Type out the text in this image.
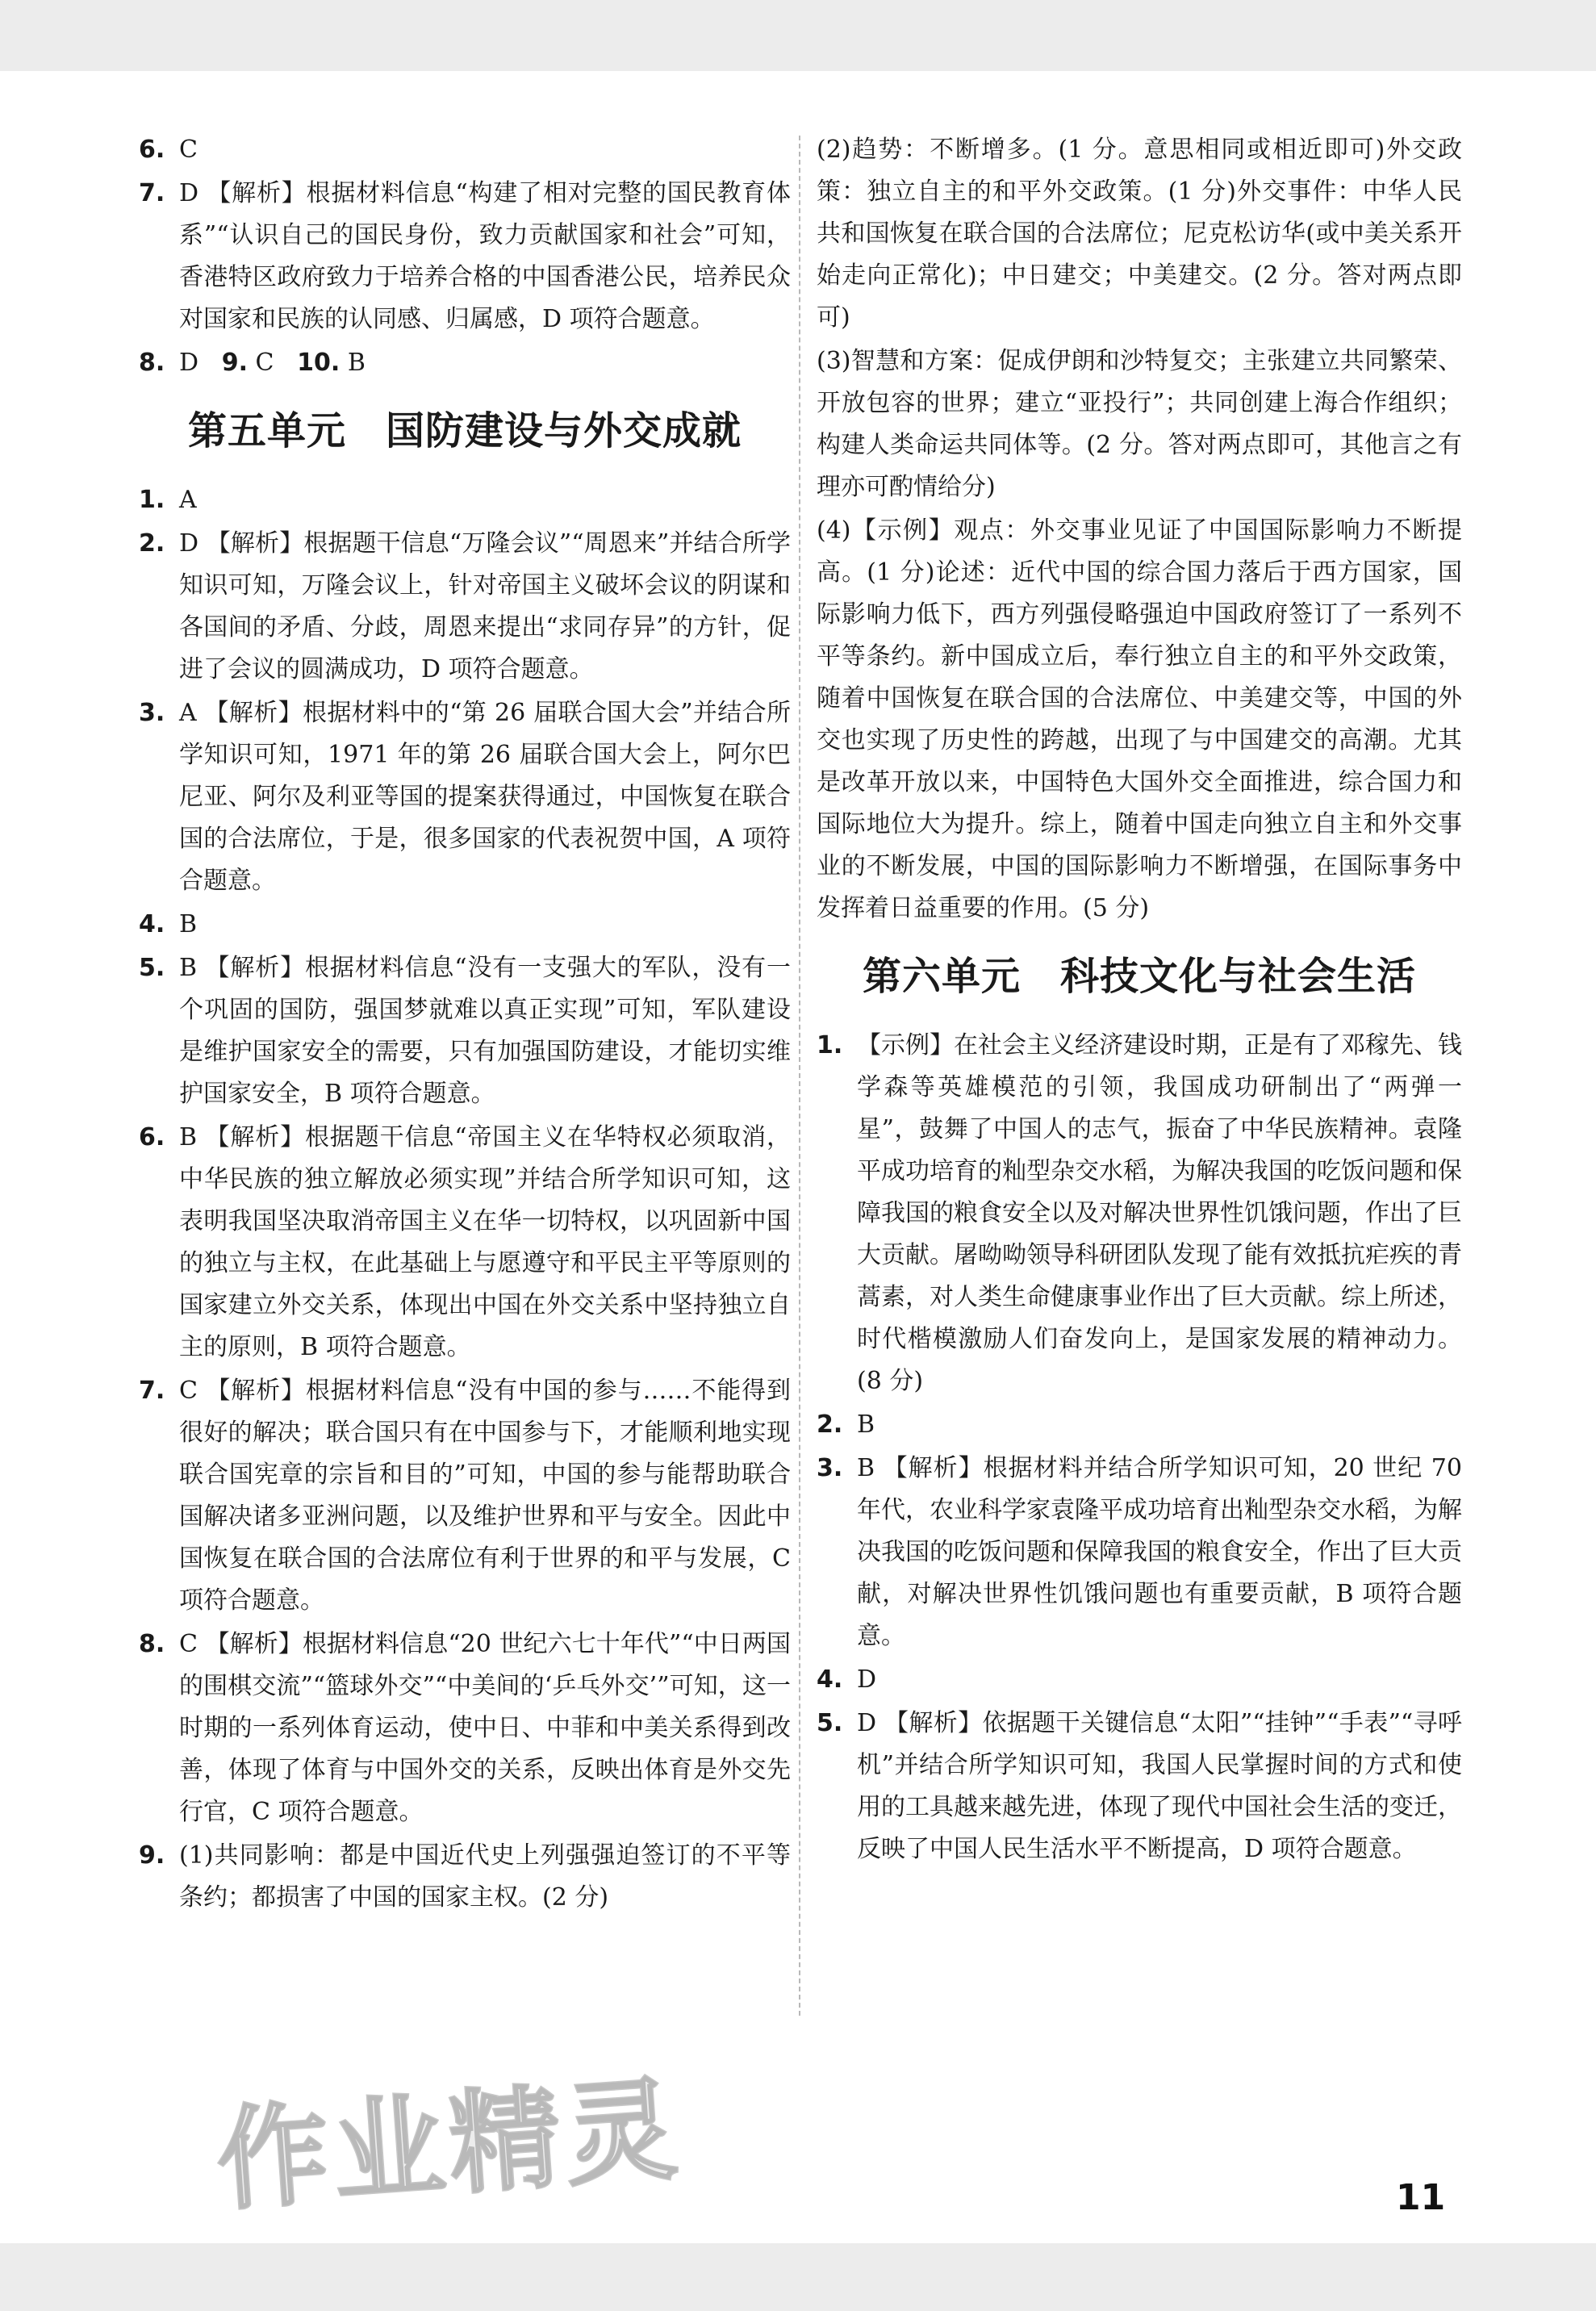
6. C
7. D 【解析】根据材料信息“构建了相对完整的国民教育体系”“认识自己的国民身份，致力贡献国家和社会”可知，香港特区政府致力于培养合格的中国香港公民，培养民众对国家和民族的认同感、归属感，D 项符合题意。
8. D 9. C 10. B
第五单元　国防建设与外交成就
1. A
2. D 【解析】根据题干信息“万隆会议”“周恩来”并结合所学知识可知，万隆会议上，针对帝国主义破坏会议的阴谋和各国间的矛盾、分歧，周恩来提出“求同存异”的方针，促进了会议的圆满成功，D 项符合题意。
3. A 【解析】根据材料中的“第 26 届联合国大会”并结合所学知识可知，1971 年的第 26 届联合国大会上，阿尔巴尼亚、阿尔及利亚等国的提案获得通过，中国恢复在联合国的合法席位，于是，很多国家的代表祝贺中国，A 项符合题意。
4. B
5. B 【解析】根据材料信息“没有一支强大的军队，没有一个巩固的国防，强国梦就难以真正实现”可知，军队建设是维护国家安全的需要，只有加强国防建设，才能切实维护国家安全，B 项符合题意。
6. B 【解析】根据题干信息“帝国主义在华特权必须取消，中华民族的独立解放必须实现”并结合所学知识可知，这表明我国坚决取消帝国主义在华一切特权，以巩固新中国的独立与主权，在此基础上与愿遵守和平民主平等原则的国家建立外交关系，体现出中国在外交关系中坚持独立自主的原则，B 项符合题意。
7. C 【解析】根据材料信息“没有中国的参与……不能得到很好的解决；联合国只有在中国参与下，才能顺利地实现联合国宪章的宗旨和目的”可知，中国的参与能帮助联合国解决诸多亚洲问题，以及维护世界和平与安全。因此中国恢复在联合国的合法席位有利于世界的和平与发展，C 项符合题意。
8. C 【解析】根据材料信息“20 世纪六七十年代”“中日两国的围棋交流”“篮球外交”“中美间的‘乒乓外交’”可知，这一时期的一系列体育运动，使中日、中菲和中美关系得到改善，体现了体育与中国外交的关系，反映出体育是外交先行官，C 项符合题意。
9. (1)共同影响：都是中国近代史上列强强迫签订的不平等条约；都损害了中国的国家主权。(2 分)
(2)趋势：不断增多。(1 分。意思相同或相近即可)外交政策：独立自主的和平外交政策。(1 分)外交事件：中华人民共和国恢复在联合国的合法席位；尼克松访华(或中美关系开始走向正常化)；中日建交；中美建交。(2 分。答对两点即可)
(3)智慧和方案：促成伊朗和沙特复交；主张建立共同繁荣、开放包容的世界；建立“亚投行”；共同创建上海合作组织；构建人类命运共同体等。(2 分。答对两点即可，其他言之有理亦可酌情给分)
(4)【示例】观点：外交事业见证了中国国际影响力不断提高。(1 分)论述：近代中国的综合国力落后于西方国家，国际影响力低下，西方列强侵略强迫中国政府签订了一系列不平等条约。新中国成立后，奉行独立自主的和平外交政策，随着中国恢复在联合国的合法席位、中美建交等，中国的外交也实现了历史性的跨越，出现了与中国建交的高潮。尤其是改革开放以来，中国特色大国外交全面推进，综合国力和国际地位大为提升。综上，随着中国走向独立自主和外交事业的不断发展，中国的国际影响力不断增强，在国际事务中发挥着日益重要的作用。(5 分)
第六单元　科技文化与社会生活
1. 【示例】在社会主义经济建设时期，正是有了邓稼先、钱学森等英雄模范的引领，我国成功研制出了“两弹一星”，鼓舞了中国人的志气，振奋了中华民族精神。袁隆平成功培育的籼型杂交水稻，为解决我国的吃饭问题和保障我国的粮食安全以及对解决世界性饥饿问题，作出了巨大贡献。屠呦呦领导科研团队发现了能有效抵抗疟疾的青蒿素，对人类生命健康事业作出了巨大贡献。综上所述，时代楷模激励人们奋发向上，是国家发展的精神动力。(8 分)
2. B
3. B 【解析】根据材料并结合所学知识可知，20 世纪 70 年代，农业科学家袁隆平成功培育出籼型杂交水稻，为解决我国的吃饭问题和保障我国的粮食安全，作出了巨大贡献，对解决世界性饥饿问题也有重要贡献，B 项符合题意。
4. D
5. D 【解析】依据题干关键信息“太阳”“挂钟”“手表”“寻呼机”并结合所学知识可知，我国人民掌握时间的方式和使用的工具越来越先进，体现了现代中国社会生活的变迁，反映了中国人民生活水平不断提高，D 项符合题意。
作业精灵	11
